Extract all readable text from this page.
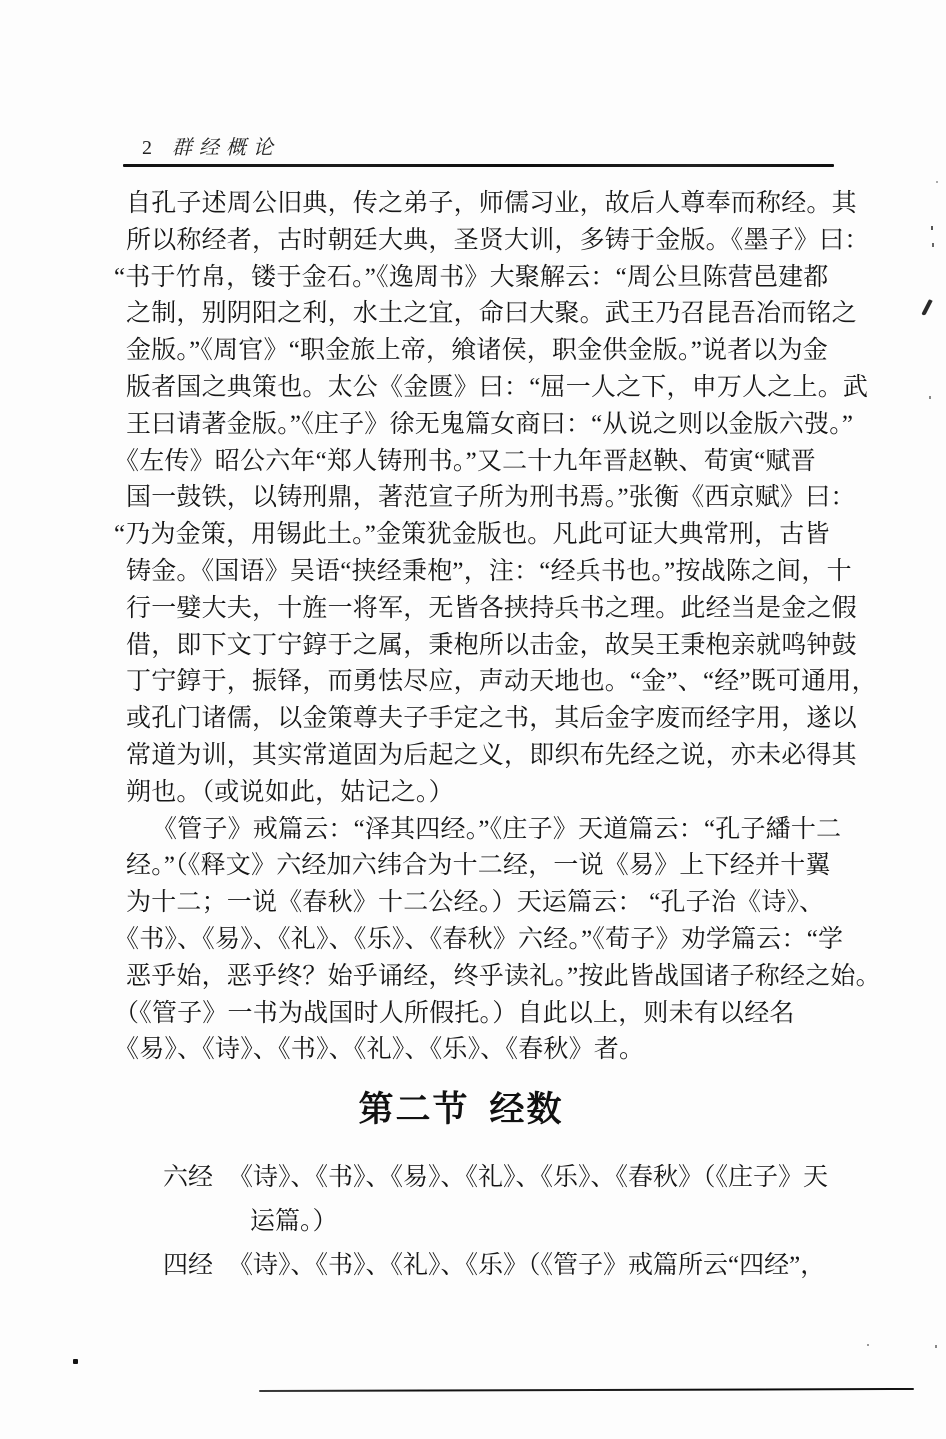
2 群经概论
自孔子述周公旧典，传之弟子，师儒习业，故后人尊奉而称经。其
所以称经者，古时朝廷大典，圣贤大训，多铸于金版。《墨子》曰：
“书于竹帛，镂于金石。”《逸周书》大聚解云：“周公旦陈营邑建都
之制，别阴阳之利，水土之宜，命曰大聚。武王乃召昆吾冶而铭之
金版。”《周官》“职金旅上帝，飨诸侯，职金供金版。”说者以为金
版者国之典策也。太公《金匮》曰：“屈一人之下，申万人之上。武
王曰请著金版。”《庄子》徐无鬼篇女商曰：“从说之则以金版六弢。”
《左传》昭公六年“郑人铸刑书。”又二十九年晋赵鞅、荀寅“赋晋
国一鼓铁，以铸刑鼎，著范宣子所为刑书焉。”张衡《西京赋》曰：
“乃为金策，用锡此土。”金策犹金版也。凡此可证大典常刑，古皆
铸金。《国语》吴语“挟经秉枹”，注：“经兵书也。”按战陈之间，十
行一嬖大夫，十旌一将军，无皆各挟持兵书之理。此经当是金之假
借，即下文丁宁錞于之属，秉枹所以击金，故吴王秉枹亲就鸣钟鼓
丁宁錞于，振铎，而勇怯尽应，声动天地也。“金”、“经”既可通用，
或孔门诸儒，以金策尊夫子手定之书，其后金字废而经字用，遂以
常道为训，其实常道固为后起之义，即织布先经之说，亦未必得其
朔也。（或说如此，姑记之。）
《管子》戒篇云：“泽其四经。”《庄子》天道篇云：“孔子繙十二
经。”（《释文》六经加六纬合为十二经，一说《易》上下经并十翼
为十二；一说《春秋》十二公经。）天运篇云： “孔子治《诗》、
《书》、《易》、《礼》、《乐》、《春秋》六经。”《荀子》劝学篇云：“学
恶乎始，恶乎终？始乎诵经，终乎读礼。”按此皆战国诸子称经之始。
（《管子》一书为战国时人所假托。）自此以上，则未有以经名
《易》、《诗》、《书》、《礼》、《乐》、《春秋》者。
第二节 经数
六经 《诗》、《书》、《易》、《礼》、《乐》、《春秋》（《庄子》天
运篇。）
四经 《诗》、《书》、《礼》、《乐》（《管子》戒篇所云“四经”，
